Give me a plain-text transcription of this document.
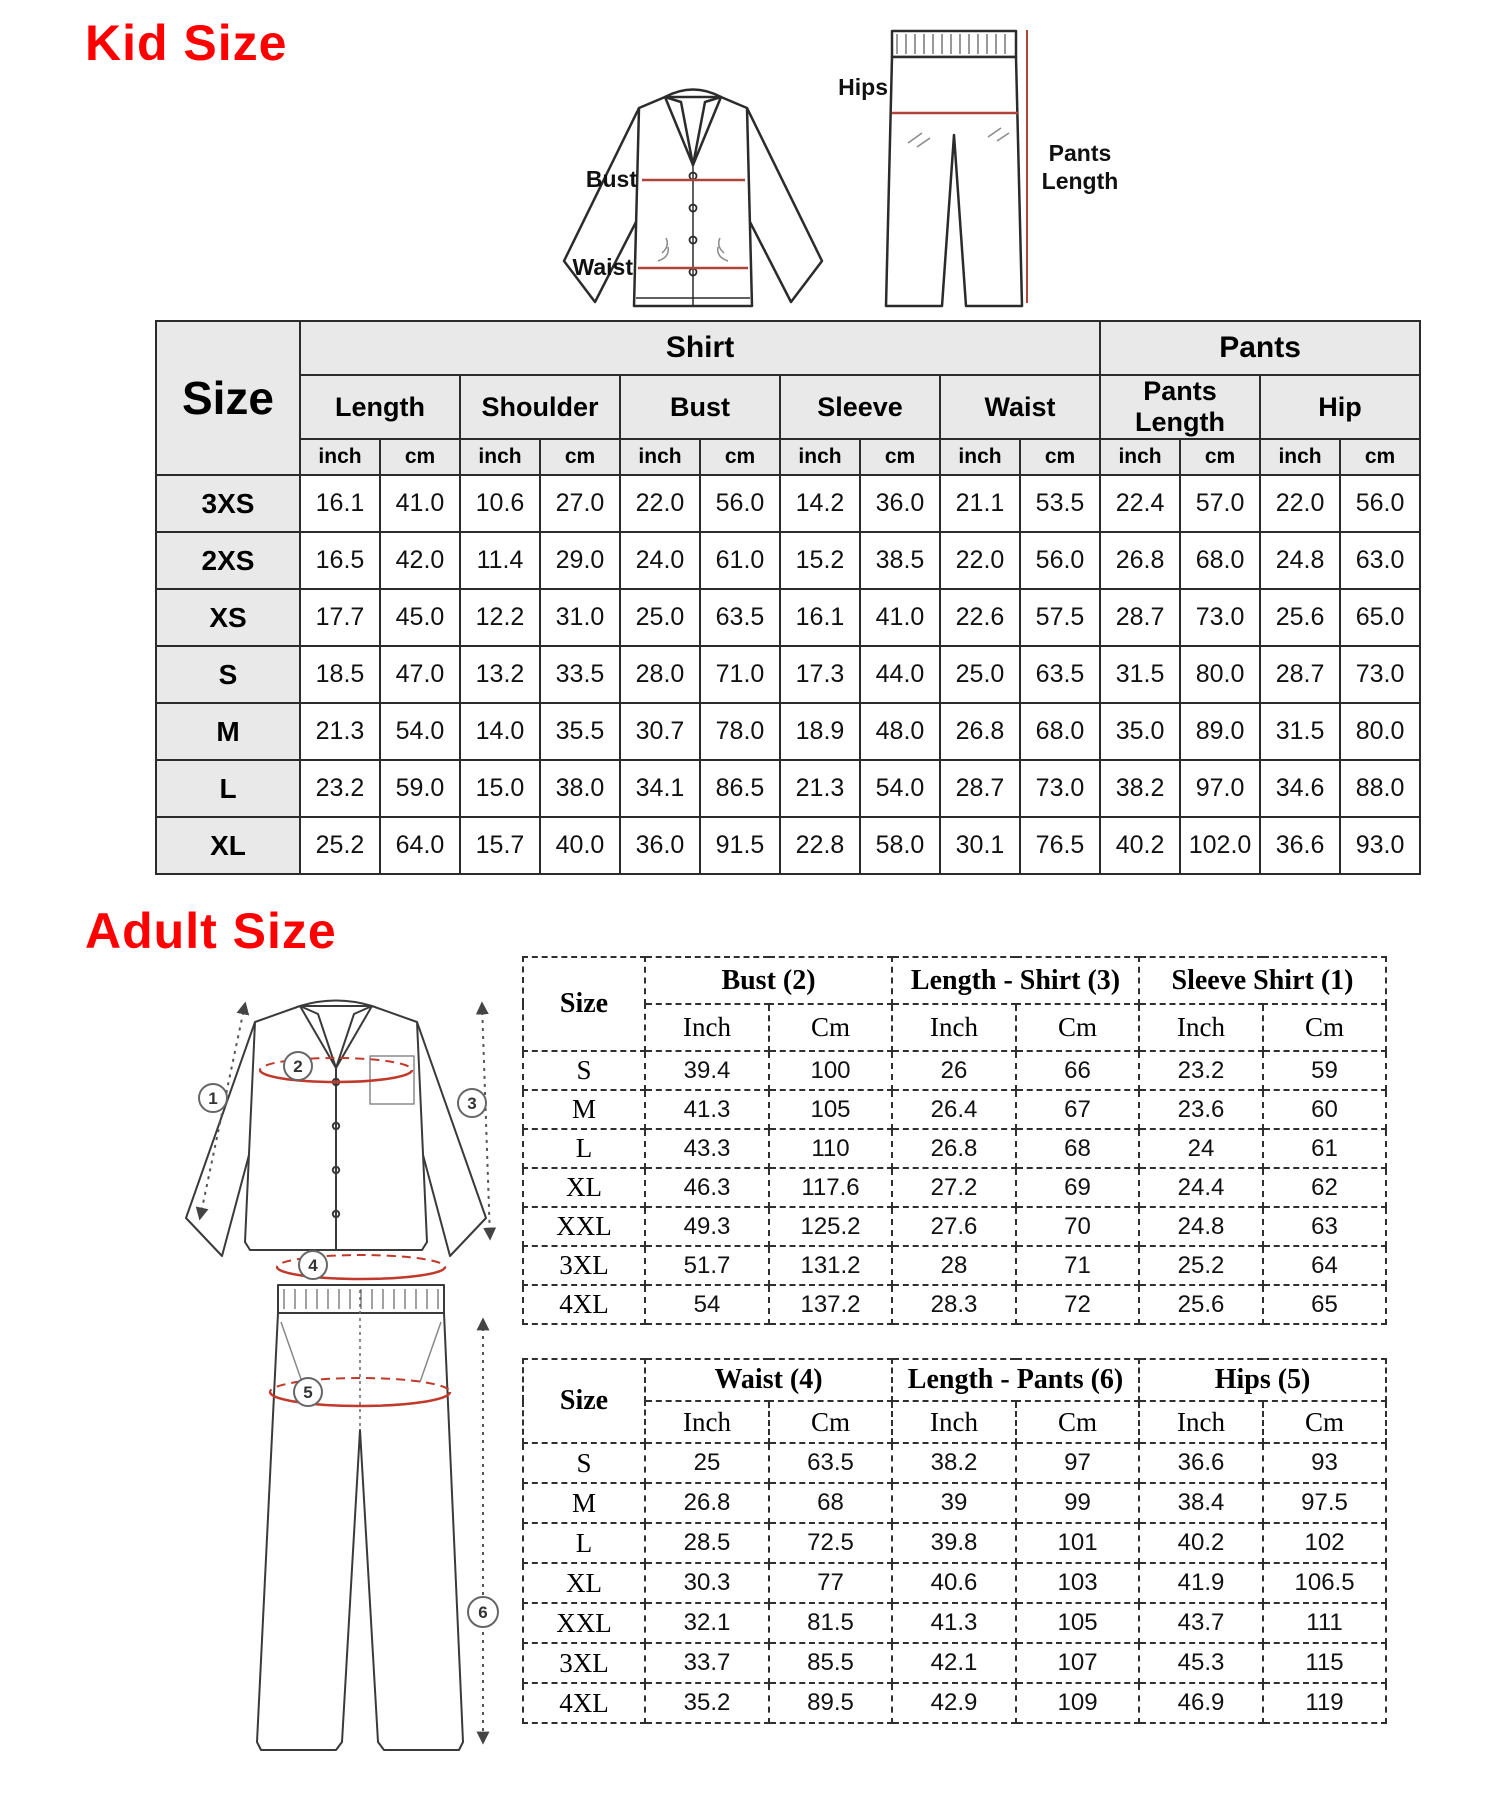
Kid Size
Bust
Waist
Hips
Pants
Length
Size	Shirt										Pants			
	Length		Shoulder		Bust		Sleeve		Waist		Pants Length		Hip	
	inch	cm	inch	cm	inch	cm	inch	cm	inch	cm	inch	cm	inch	cm
3XS	16.1	41.0	10.6	27.0	22.0	56.0	14.2	36.0	21.1	53.5	22.4	57.0	22.0	56.0
2XS	16.5	42.0	11.4	29.0	24.0	61.0	15.2	38.5	22.0	56.0	26.8	68.0	24.8	63.0
XS	17.7	45.0	12.2	31.0	25.0	63.5	16.1	41.0	22.6	57.5	28.7	73.0	25.6	65.0
S	18.5	47.0	13.2	33.5	28.0	71.0	17.3	44.0	25.0	63.5	31.5	80.0	28.7	73.0
M	21.3	54.0	14.0	35.5	30.7	78.0	18.9	48.0	26.8	68.0	35.0	89.0	31.5	80.0
L	23.2	59.0	15.0	38.0	34.1	86.5	21.3	54.0	28.7	73.0	38.2	97.0	34.6	88.0
XL	25.2	64.0	15.7	40.0	36.0	91.5	22.8	58.0	30.1	76.5	40.2	102.0	36.6	93.0
Adult Size
1
2
3
4
5
6
Size	Bust (2)		Length - Shirt (3)		Sleeve Shirt (1)	
	Inch	Cm	Inch	Cm	Inch	Cm
S	39.4	100	26	66	23.2	59
M	41.3	105	26.4	67	23.6	60
L	43.3	110	26.8	68	24	61
XL	46.3	117.6	27.2	69	24.4	62
XXL	49.3	125.2	27.6	70	24.8	63
3XL	51.7	131.2	28	71	25.2	64
4XL	54	137.2	28.3	72	25.6	65
Size	Waist (4)		Length - Pants (6)		Hips (5)	
	Inch	Cm	Inch	Cm	Inch	Cm
S	25	63.5	38.2	97	36.6	93
M	26.8	68	39	99	38.4	97.5
L	28.5	72.5	39.8	101	40.2	102
XL	30.3	77	40.6	103	41.9	106.5
XXL	32.1	81.5	41.3	105	43.7	111
3XL	33.7	85.5	42.1	107	45.3	115
4XL	35.2	89.5	42.9	109	46.9	119
